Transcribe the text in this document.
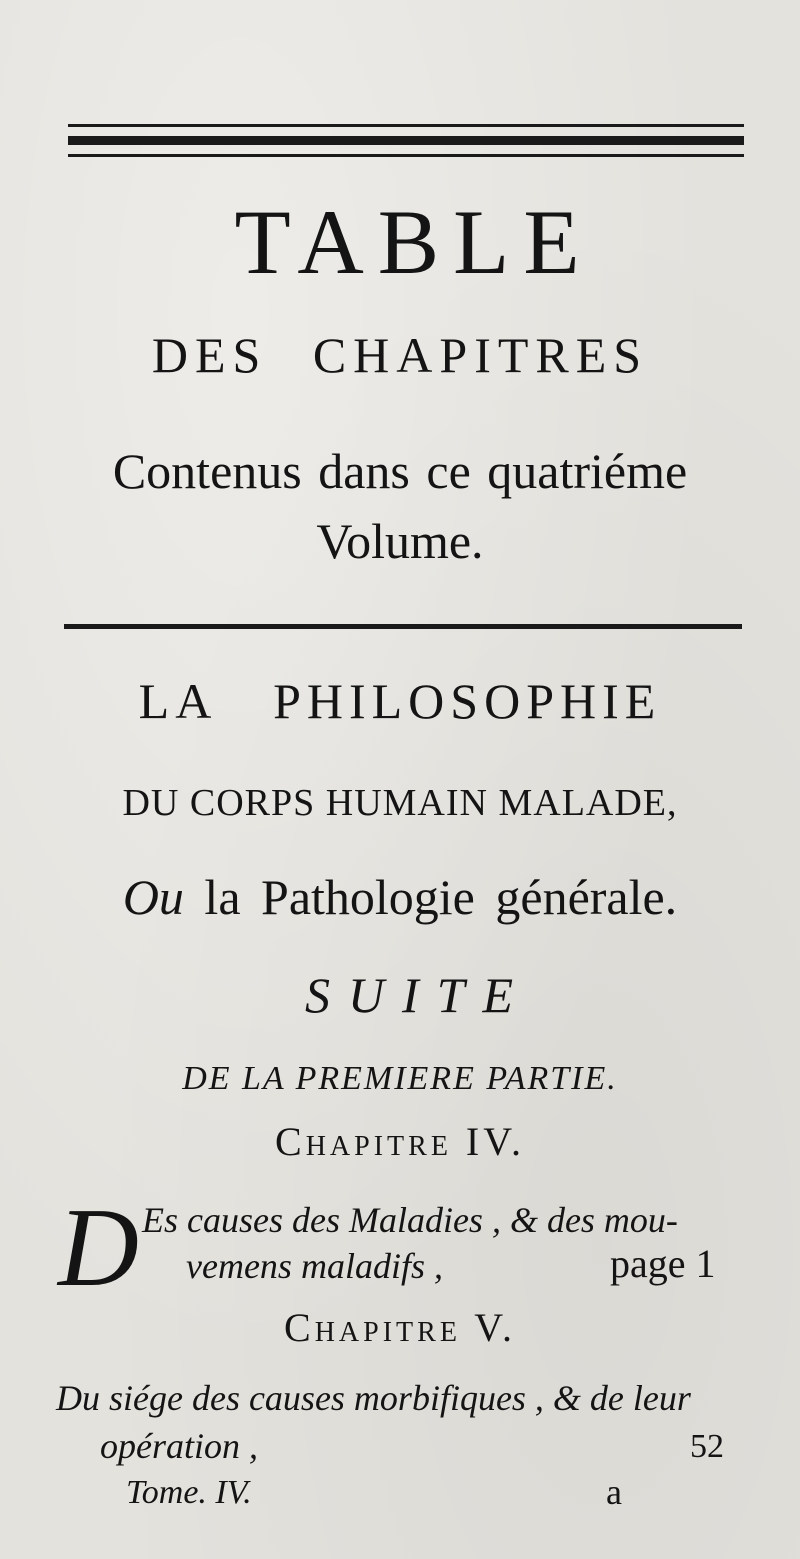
TABLE
DES CHAPITRES
Contenus dans ce quatriéme
Volume.
LA PHILOSOPHIE
DU CORPS HUMAIN MALADE,
Ou la Pathologie générale.
SUITE
DE LA PREMIERE PARTIE.
Chapitre IV.
D Es causes des Maladies , & des mou-
vemens maladifs ,	page 1
Chapitre V.
Du siége des causes morbifiques , & de leur
opération ,	52
Tome. IV.	a
